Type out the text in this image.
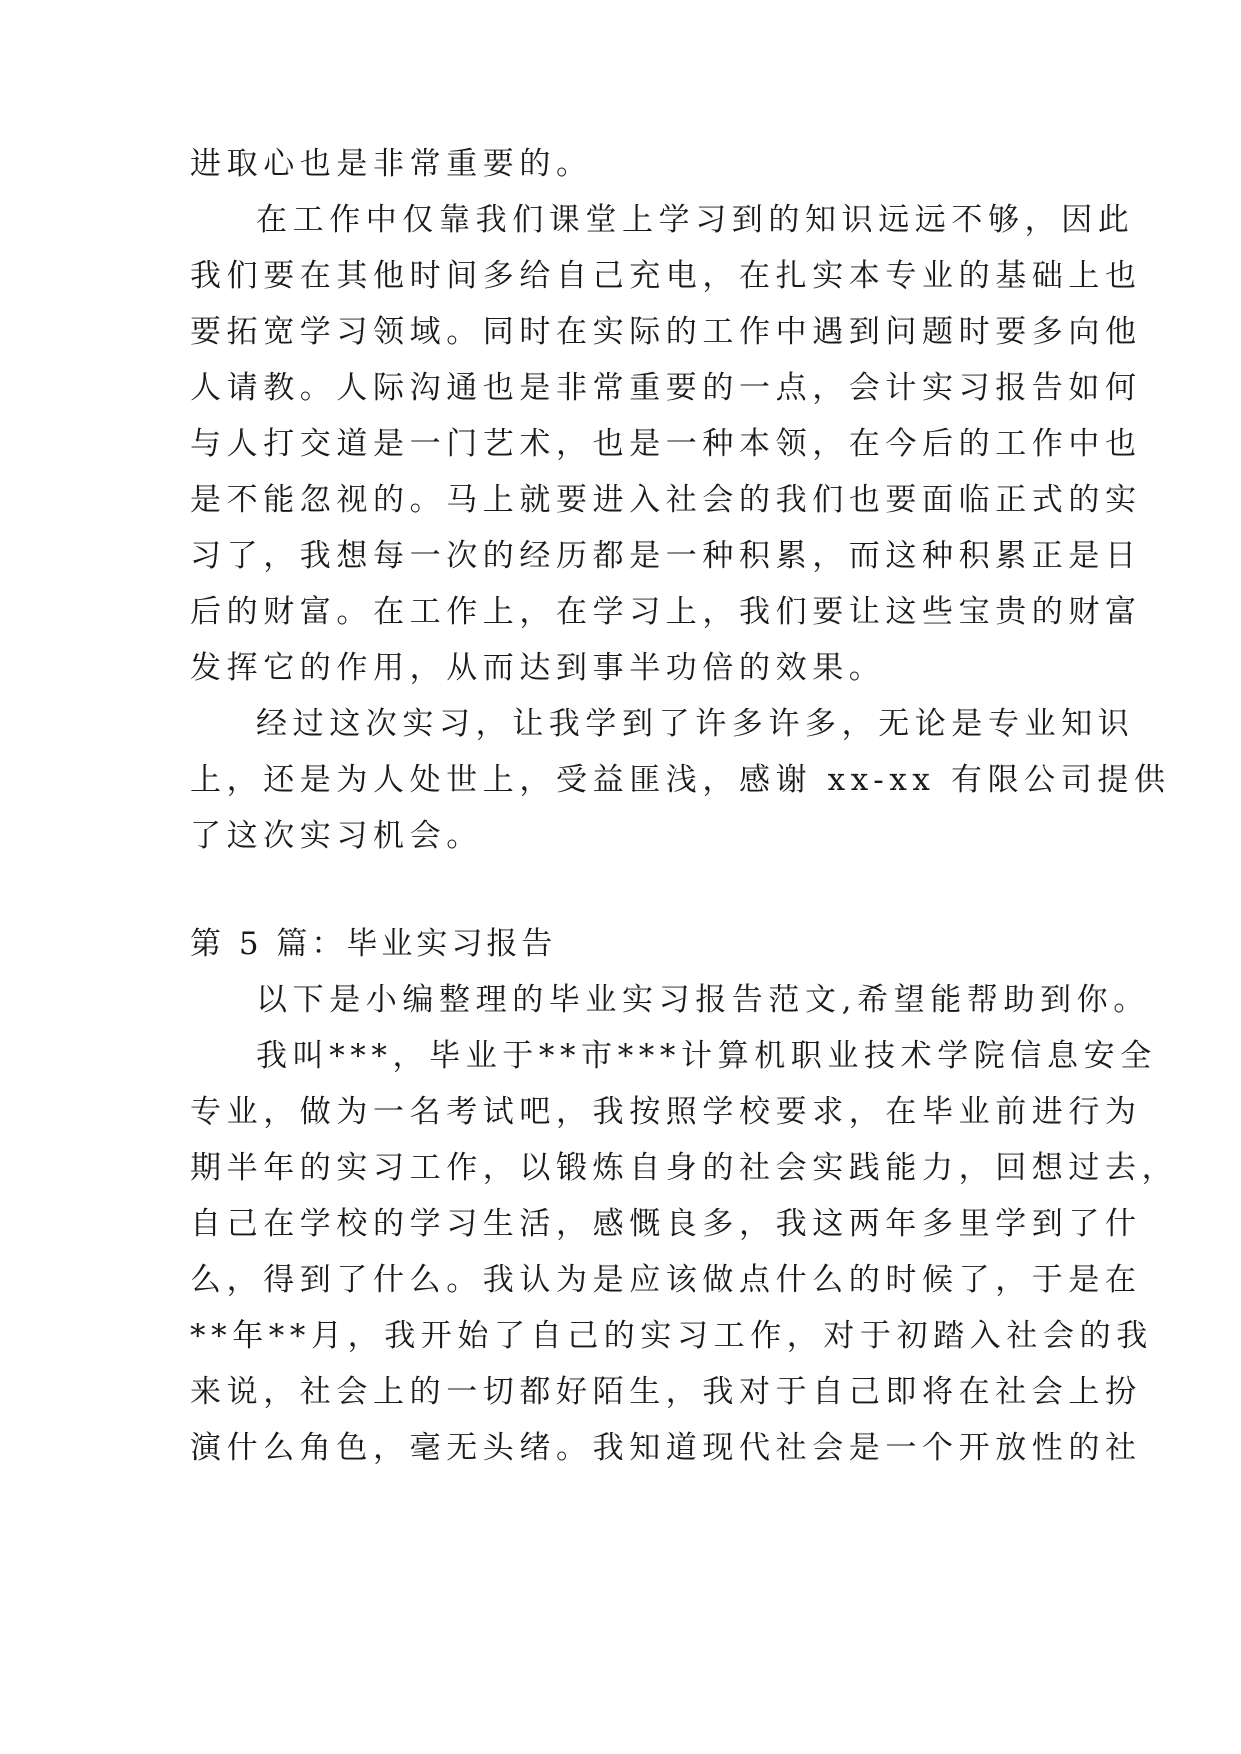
进取心也是非常重要的。
在工作中仅靠我们课堂上学习到的知识远远不够，因此
我们要在其他时间多给自己充电，在扎实本专业的基础上也
要拓宽学习领域。同时在实际的工作中遇到问题时要多向他
人请教。人际沟通也是非常重要的一点，会计实习报告如何
与人打交道是一门艺术，也是一种本领，在今后的工作中也
是不能忽视的。马上就要进入社会的我们也要面临正式的实
习了，我想每一次的经历都是一种积累，而这种积累正是日
后的财富。在工作上，在学习上，我们要让这些宝贵的财富
发挥它的作用，从而达到事半功倍的效果。
经过这次实习，让我学到了许多许多，无论是专业知识
上，还是为人处世上，受益匪浅，感谢 xx-xx 有限公司提供
了这次实习机会。
第 5 篇：毕业实习报告
以下是小编整理的毕业实习报告范文,希望能帮助到你。
我叫***，毕业于**市***计算机职业技术学院信息安全
专业，做为一名考试吧，我按照学校要求，在毕业前进行为
期半年的实习工作，以锻炼自身的社会实践能力，回想过去，
自己在学校的学习生活，感慨良多，我这两年多里学到了什
么，得到了什么。我认为是应该做点什么的时候了，于是在
**年**月，我开始了自己的实习工作，对于初踏入社会的我
来说，社会上的一切都好陌生，我对于自己即将在社会上扮
演什么角色，毫无头绪。我知道现代社会是一个开放性的社
